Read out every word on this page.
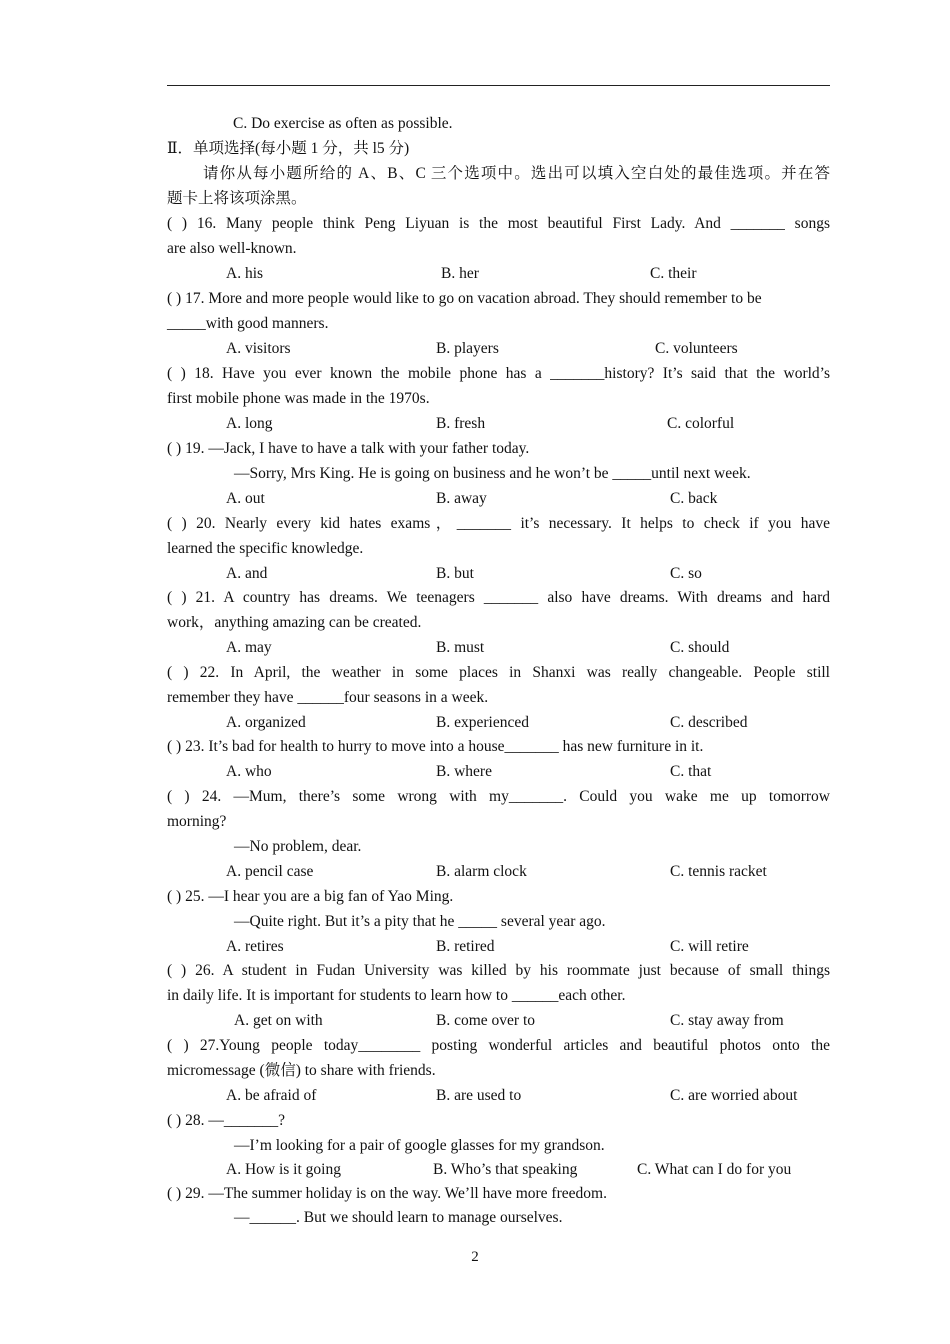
C. Do exercise as often as possible.
Ⅱ．单项选择(每小题 1 分，共 l5 分)
请你从每小题所给的 A、B、C 三个选项中。选出可以填入空白处的最佳选项。并在答
题卡上将该项涂黑。
( ) 16. Many people think Peng Liyuan is the most beautiful First Lady. And _______ songs
are also well-known.
A. his	B. her	C. their
( ) 17. More and more people would like to go on vacation abroad. They should remember to be
_____with good manners.
A. visitors	B. players	C. volunteers
( ) 18. Have you ever known the mobile phone has a _______history? It’s said that the world’s
first mobile phone was made in the 1970s.
A. long	B. fresh	C. colorful
( ) 19. —Jack, I have to have a talk with your father today.
—Sorry, Mrs King. He is going on business and he won’t be _____until next week.
A. out	B. away	C. back
( ) 20. Nearly every kid hates exams，_______ it’s necessary. It helps to check if you have
learned the specific knowledge.
A. and	B. but	C. so
( ) 21. A country has dreams. We teenagers _______ also have dreams. With dreams and hard
work，anything amazing can be created.
A. may	B. must	C. should
( ) 22. In April, the weather in some places in Shanxi was really changeable. People still
remember they have ______four seasons in a week.
A. organized	B. experienced	C. described
( ) 23. It’s bad for health to hurry to move into a house_______ has new furniture in it.
A. who	B. where	C. that
( ) 24. —Mum, there’s some wrong with my_______. Could you wake me up tomorrow
morning?
—No problem, dear.
A. pencil case	B. alarm clock	C. tennis racket
( ) 25. —I hear you are a big fan of Yao Ming.
—Quite right. But it’s a pity that he _____ several year ago.
A. retires	B. retired	C. will retire
( ) 26. A student in Fudan University was killed by his roommate just because of small things
in daily life. It is important for students to learn how to ______each other.
A. get on with	B. come over to	C. stay away from
( ) 27.Young people today________ posting wonderful articles and beautiful photos onto the
micromessage (微信) to share with friends.
A. be afraid of	B. are used to	C. are worried about
( ) 28. —_______?
—I’m looking for a pair of google glasses for my grandson.
A. How is it going	B. Who’s that speaking	C. What can I do for you
( ) 29. —The summer holiday is on the way. We’ll have more freedom.
—______. But we should learn to manage ourselves.
2
